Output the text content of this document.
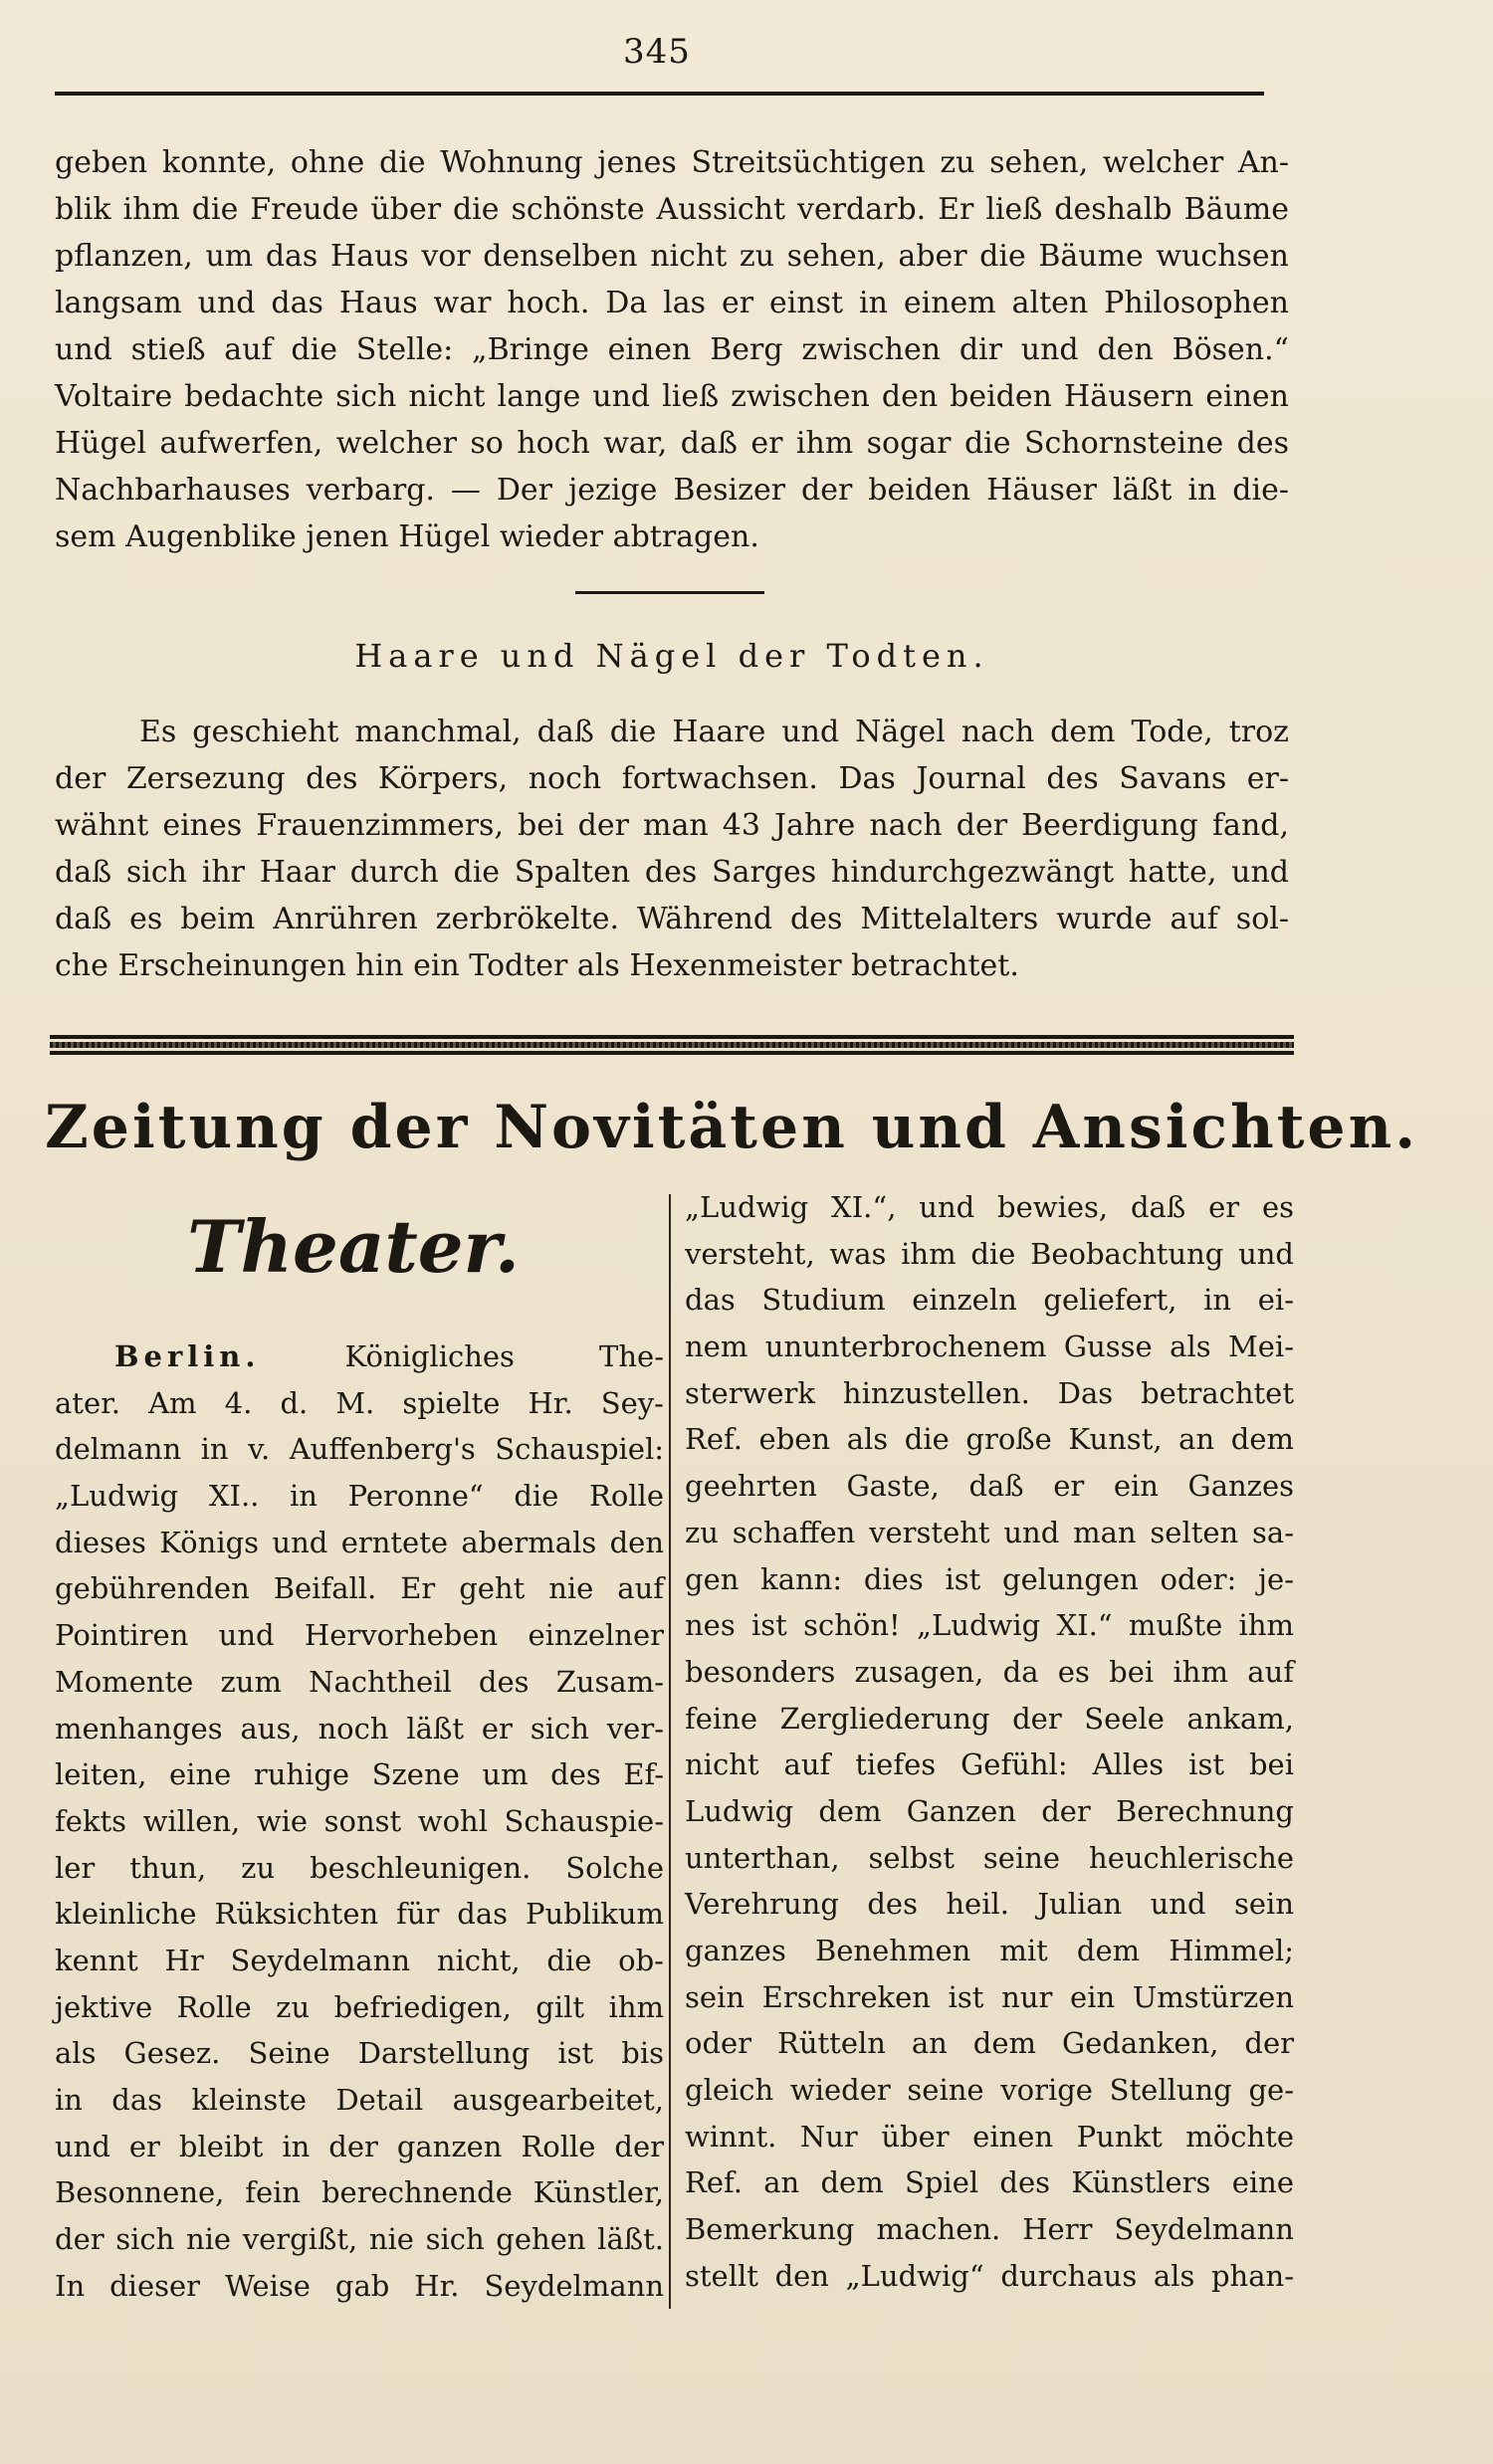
345
geben konnte, ohne die Wohnung jenes Streitsüchtigen zu sehen, welcher An-
blik ihm die Freude über die schönste Aussicht verdarb. Er ließ deshalb Bäume
pflanzen, um das Haus vor denselben nicht zu sehen, aber die Bäume wuchsen
langsam und das Haus war hoch. Da las er einst in einem alten Philosophen
und stieß auf die Stelle: „Bringe einen Berg zwischen dir und den Bösen.“
Voltaire bedachte sich nicht lange und ließ zwischen den beiden Häusern einen
Hügel aufwerfen, welcher so hoch war, daß er ihm sogar die Schornsteine des
Nachbarhauses verbarg. — Der jezige Besizer der beiden Häuser läßt in die-
sem Augenblike jenen Hügel wieder abtragen.
Haare und Nägel der Todten.
Es geschieht manchmal, daß die Haare und Nägel nach dem Tode, troz
der Zersezung des Körpers, noch fortwachsen. Das Journal des Savans er-
wähnt eines Frauenzimmers, bei der man 43 Jahre nach der Beerdigung fand,
daß sich ihr Haar durch die Spalten des Sarges hindurchgezwängt hatte, und
daß es beim Anrühren zerbrökelte. Während des Mittelalters wurde auf sol-
che Erscheinungen hin ein Todter als Hexenmeister betrachtet.
Zeitung der Novitäten und Ansichten.
Theater.
Berlin. Königliches The-
ater. Am 4. d. M. spielte Hr. Sey-
delmann in v. Auffenberg's Schauspiel:
„Ludwig XI.. in Peronne“ die Rolle
dieses Königs und erntete abermals den
gebührenden Beifall. Er geht nie auf
Pointiren und Hervorheben einzelner
Momente zum Nachtheil des Zusam-
menhanges aus, noch läßt er sich ver-
leiten, eine ruhige Szene um des Ef-
fekts willen, wie sonst wohl Schauspie-
ler thun, zu beschleunigen. Solche
kleinliche Rüksichten für das Publikum
kennt Hr Seydelmann nicht, die ob-
jektive Rolle zu befriedigen, gilt ihm
als Gesez. Seine Darstellung ist bis
in das kleinste Detail ausgearbeitet,
und er bleibt in der ganzen Rolle der
Besonnene, fein berechnende Künstler,
der sich nie vergißt, nie sich gehen läßt.
In dieser Weise gab Hr. Seydelmann
„Ludwig XI.“, und bewies, daß er es
versteht, was ihm die Beobachtung und
das Studium einzeln geliefert, in ei-
nem ununterbrochenem Gusse als Mei-
sterwerk hinzustellen. Das betrachtet
Ref. eben als die große Kunst, an dem
geehrten Gaste, daß er ein Ganzes
zu schaffen versteht und man selten sa-
gen kann: dies ist gelungen oder: je-
nes ist schön! „Ludwig XI.“ mußte ihm
besonders zusagen, da es bei ihm auf
feine Zergliederung der Seele ankam,
nicht auf tiefes Gefühl: Alles ist bei
Ludwig dem Ganzen der Berechnung
unterthan, selbst seine heuchlerische
Verehrung des heil. Julian und sein
ganzes Benehmen mit dem Himmel;
sein Erschreken ist nur ein Umstürzen
oder Rütteln an dem Gedanken, der
gleich wieder seine vorige Stellung ge-
winnt. Nur über einen Punkt möchte
Ref. an dem Spiel des Künstlers eine
Bemerkung machen. Herr Seydelmann
stellt den „Ludwig“ durchaus als phan-
